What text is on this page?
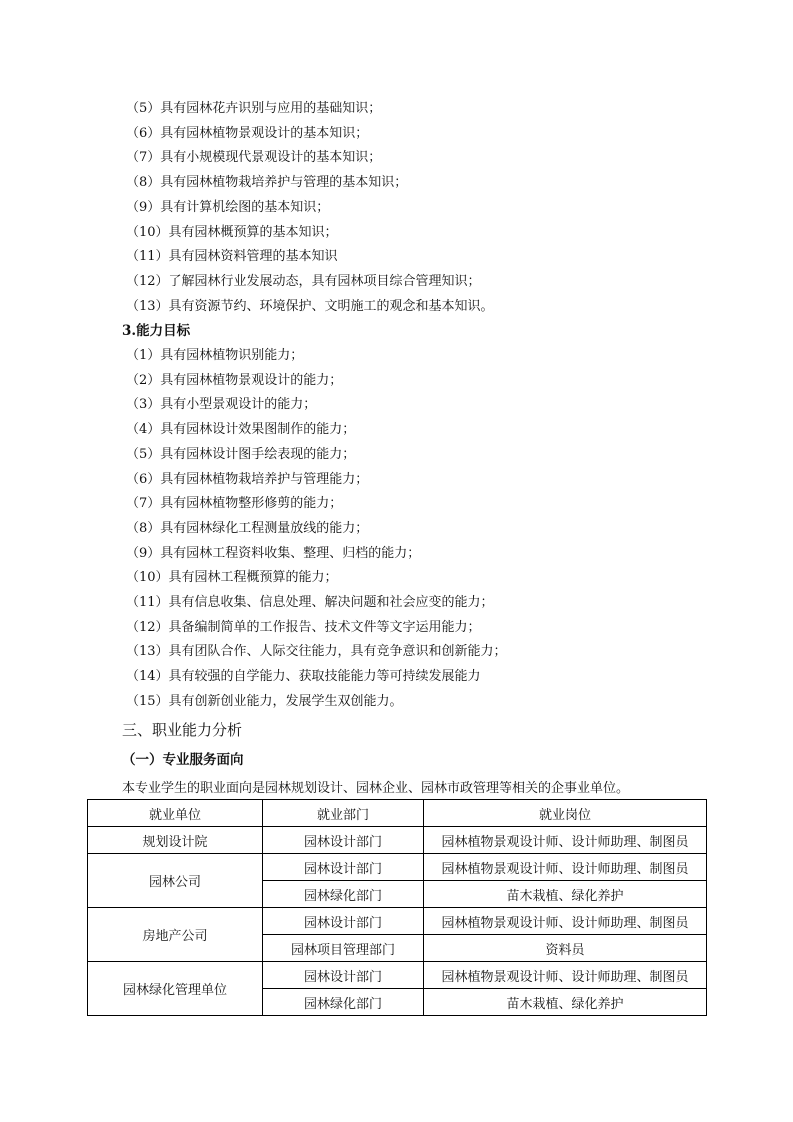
（5）具有园林花卉识别与应用的基础知识；
（6）具有园林植物景观设计的基本知识；
（7）具有小规模现代景观设计的基本知识；
（8）具有园林植物栽培养护与管理的基本知识；
（9）具有计算机绘图的基本知识；
（10）具有园林概预算的基本知识；
（11）具有园林资料管理的基本知识
（12）了解园林行业发展动态，具有园林项目综合管理知识；
（13）具有资源节约、环境保护、文明施工的观念和基本知识。
3.能力目标
（1）具有园林植物识别能力；
（2）具有园林植物景观设计的能力；
（3）具有小型景观设计的能力；
（4）具有园林设计效果图制作的能力；
（5）具有园林设计图手绘表现的能力；
（6）具有园林植物栽培养护与管理能力；
（7）具有园林植物整形修剪的能力；
（8）具有园林绿化工程测量放线的能力；
（9）具有园林工程资料收集、整理、归档的能力；
（10）具有园林工程概预算的能力；
（11）具有信息收集、信息处理、解决问题和社会应变的能力；
（12）具备编制简单的工作报告、技术文件等文字运用能力；
（13）具有团队合作、人际交往能力，具有竞争意识和创新能力；
（14）具有较强的自学能力、获取技能能力等可持续发展能力
（15）具有创新创业能力，发展学生双创能力。
三、职业能力分析
（一）专业服务面向
本专业学生的职业面向是园林规划设计、园林企业、园林市政管理等相关的企事业单位。
就业单位	就业部门	就业岗位
规划设计院	园林设计部门	园林植物景观设计师、设计师助理、制图员
园林公司	园林设计部门	园林植物景观设计师、设计师助理、制图员
	园林绿化部门	苗木栽植、绿化养护
房地产公司	园林设计部门	园林植物景观设计师、设计师助理、制图员
	园林项目管理部门	资料员
园林绿化管理单位	园林设计部门	园林植物景观设计师、设计师助理、制图员
	园林绿化部门	苗木栽植、绿化养护
